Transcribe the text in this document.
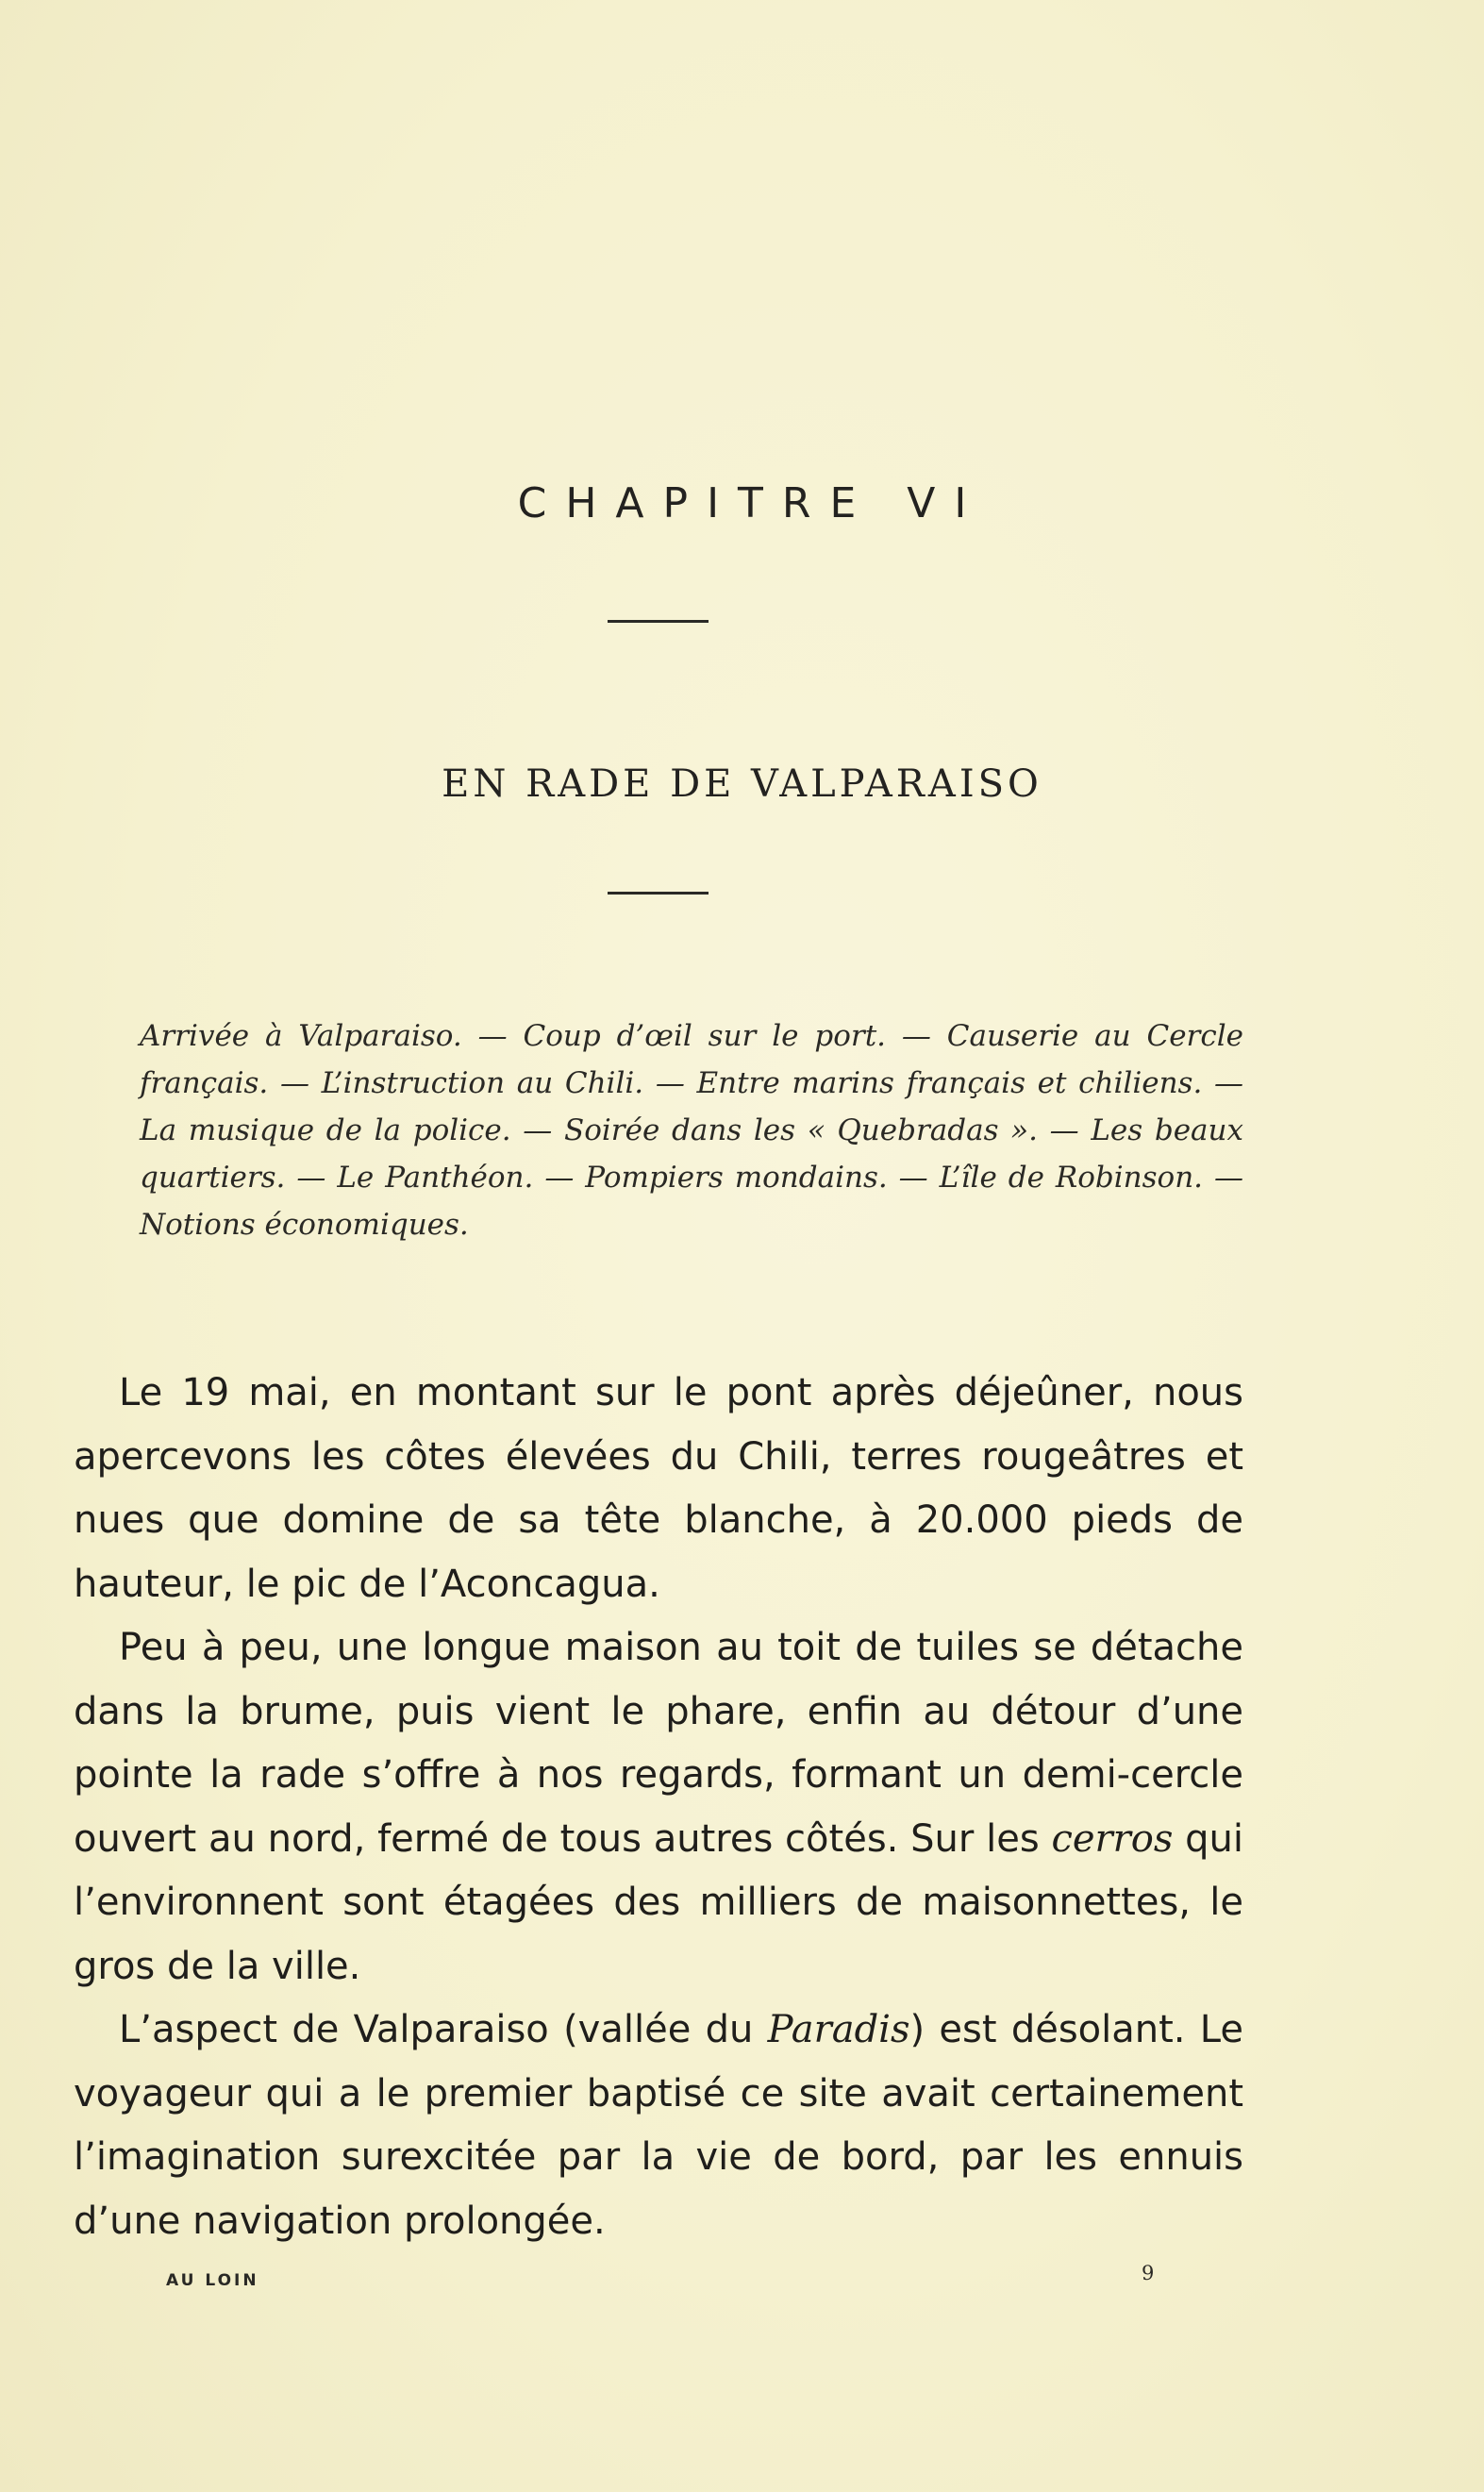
CHAPITRE VI
EN RADE DE VALPARAISO
Arrivée à Valparaiso. — Coup d’œil sur le port. — Causerie au Cercle français. — L’instruction au Chili. — Entre marins français et chiliens. — La musique de la police. — Soirée dans les « Quebradas ». — Les beaux quartiers. — Le Panthéon. — Pompiers mondains. — L’île de Robinson. — Notions économiques.

Le 19 mai, en montant sur le pont après déjeûner, nous apercevons les côtes élevées du Chili, terres rougeâtres et nues que domine de sa tête blanche, à 20.000 pieds de hauteur, le pic de l’Aconcagua.

Peu à peu, une longue maison au toit de tuiles se détache dans la brume, puis vient le phare, enfin au détour d’une pointe la rade s’offre à nos regards, formant un demi-cercle ouvert au nord, fermé de tous autres côtés. Sur les cerros qui l’environnent sont étagées des milliers de maisonnettes, le gros de la ville.

L’aspect de Valparaiso (vallée du Paradis) est désolant. Le voyageur qui a le premier baptisé ce site avait certainement l’imagination surexcitée par la vie de bord, par les ennuis d’une navigation prolongée.

AU LOIN	9
